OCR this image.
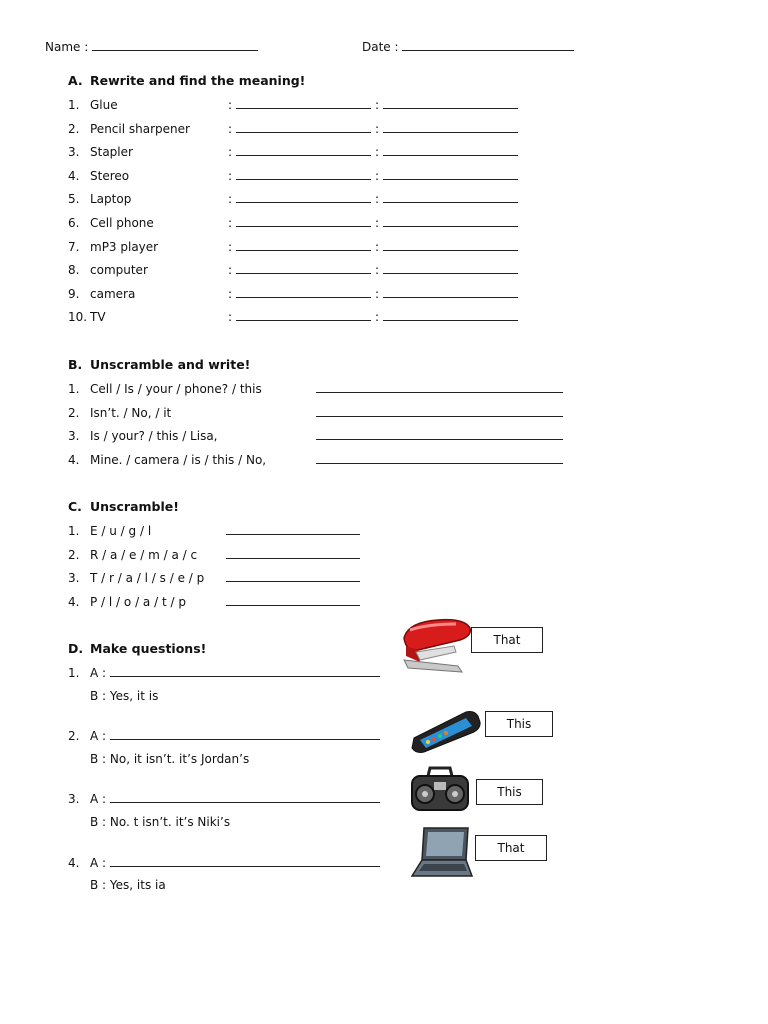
Name :	Date :
A. Rewrite and find the meaning!
1. Glue	:	:
2. Pencil sharpener	:	:
3. Stapler	:	:
4. Stereo	:	:
5. Laptop	:	:
6. Cell phone	:	:
7. mP3 player	:	:
8. computer	:	:
9. camera	:	:
10. TV	:	:
B. Unscramble and write!
1. Cell / Is / your / phone? / this
2. Isn’t. / No, / it
3. Is / your? / this / Lisa,
4. Mine. / camera / is / this / No,
C. Unscramble!
1. E / u / g / l
2. R / a / e / m / a / c
3. T / r / a / l / s / e / p
4. P / l / o / a / t / p
D. Make questions!
1. A :
B : Yes, it is
2. A :
B : No, it isn’t. it’s Jordan’s
3. A :
B : No. t isn’t. it’s Niki’s
4. A :
B : Yes, its ia
That
This
This
That
